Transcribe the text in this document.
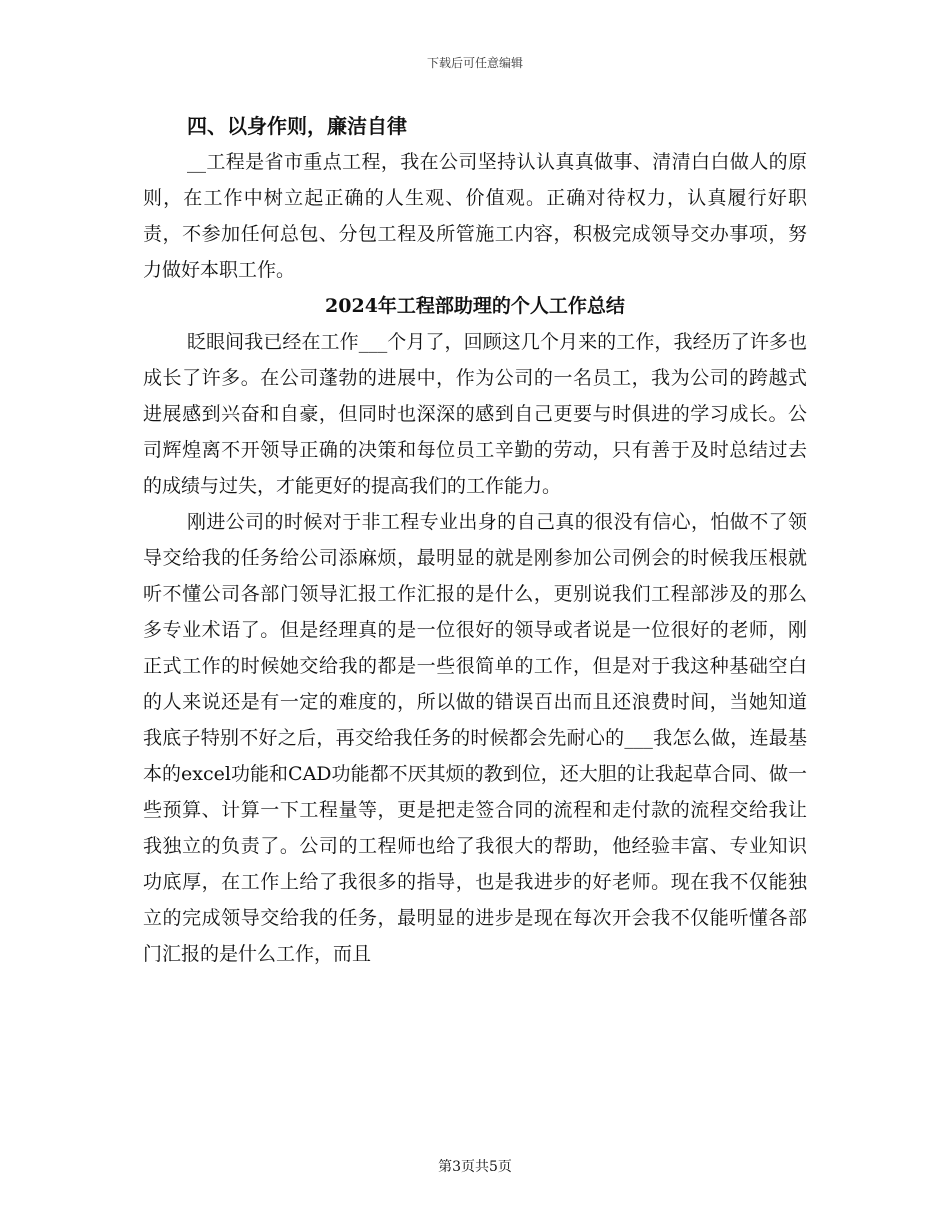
下载后可任意编辑

四、以身作则，廉洁自律

__工程是省市重点工程，我在公司坚持认认真真做事、清清白白做人的原则，在工作中树立起正确的人生观、价值观。正确对待权力，认真履行好职责，不参加任何总包、分包工程及所管施工内容，积极完成领导交办事项，努力做好本职工作。

2024年工程部助理的个人工作总结

眨眼间我已经在工作___个月了，回顾这几个月来的工作，我经历了许多也成长了许多。在公司蓬勃的进展中，作为公司的一名员工，我为公司的跨越式进展感到兴奋和自豪，但同时也深深的感到自己更要与时俱进的学习成长。公司辉煌离不开领导正确的决策和每位员工辛勤的劳动，只有善于及时总结过去的成绩与过失，才能更好的提高我们的工作能力。

刚进公司的时候对于非工程专业出身的自己真的很没有信心，怕做不了领导交给我的任务给公司添麻烦，最明显的就是刚参加公司例会的时候我压根就听不懂公司各部门领导汇报工作汇报的是什么，更别说我们工程部涉及的那么多专业术语了。但是经理真的是一位很好的领导或者说是一位很好的老师，刚正式工作的时候她交给我的都是一些很简单的工作，但是对于我这种基础空白的人来说还是有一定的难度的，所以做的错误百出而且还浪费时间，当她知道我底子特别不好之后，再交给我任务的时候都会先耐心的___我怎么做，连最基本的excel功能和CAD功能都不厌其烦的教到位，还大胆的让我起草合同、做一些预算、计算一下工程量等，更是把走签合同的流程和走付款的流程交给我让我独立的负责了。公司的工程师也给了我很大的帮助，他经验丰富、专业知识功底厚，在工作上给了我很多的指导，也是我进步的好老师。现在我不仅能独立的完成领导交给我的任务，最明显的进步是现在每次开会我不仅能听懂各部门汇报的是什么工作，而且

第3页共5页
